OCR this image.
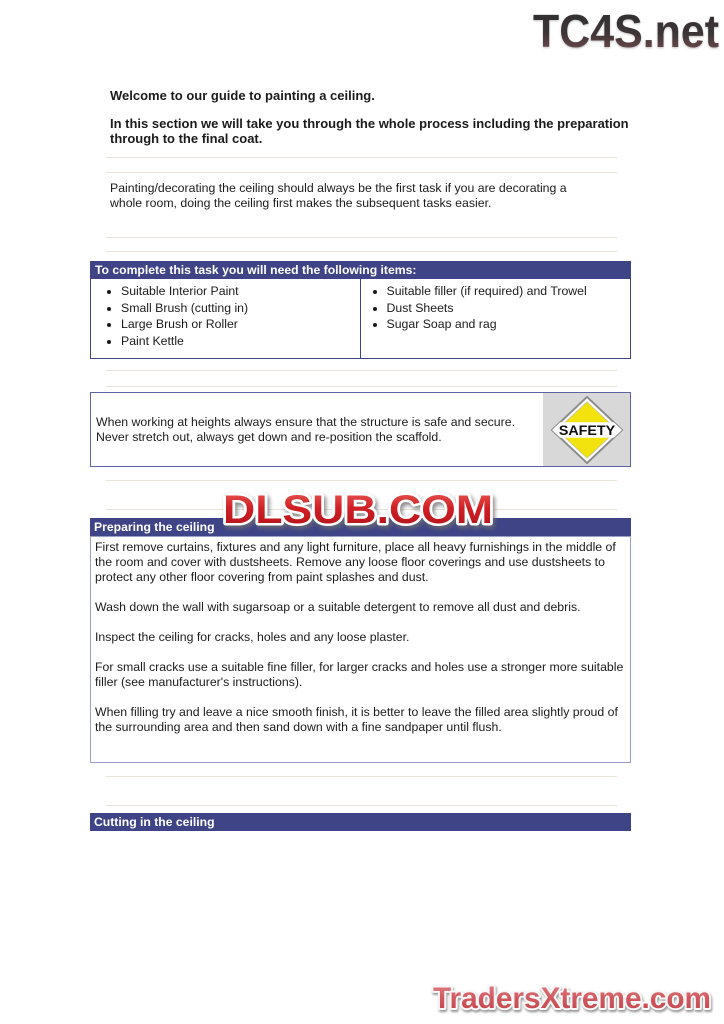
TC4S.net
Welcome to our guide to painting a ceiling.
In this section we will take you through the whole process including the preparation through to the final coat.
Painting/decorating the ceiling should always be the first task if you are decorating a whole room, doing the ceiling first makes the subsequent tasks easier.
To complete this task you will need the following items:
• Suitable Interior Paint
• Small Brush (cutting in)
• Large Brush or Roller
• Paint Kettle
• Suitable filler (if required) and Trowel
• Dust Sheets
• Sugar Soap and rag
When working at heights always ensure that the structure is safe and secure. Never stretch out, always get down and re-position the scaffold.	SAFETY
DLSUB.COM
Preparing the ceiling

First remove curtains, fixtures and any light furniture, place all heavy furnishings in the middle of the room and cover with dustsheets. Remove any loose floor coverings and use dustsheets to protect any other floor covering from paint splashes and dust.

Wash down the wall with sugarsoap or a suitable detergent to remove all dust and debris.

Inspect the ceiling for cracks, holes and any loose plaster.

For small cracks use a suitable fine filler, for larger cracks and holes use a stronger more suitable filler (see manufacturer's instructions).

When filling try and leave a nice smooth finish, it is better to leave the filled area slightly proud of the surrounding area and then sand down with a fine sandpaper until flush.

Cutting in the ceiling
TradersXtreme.com
